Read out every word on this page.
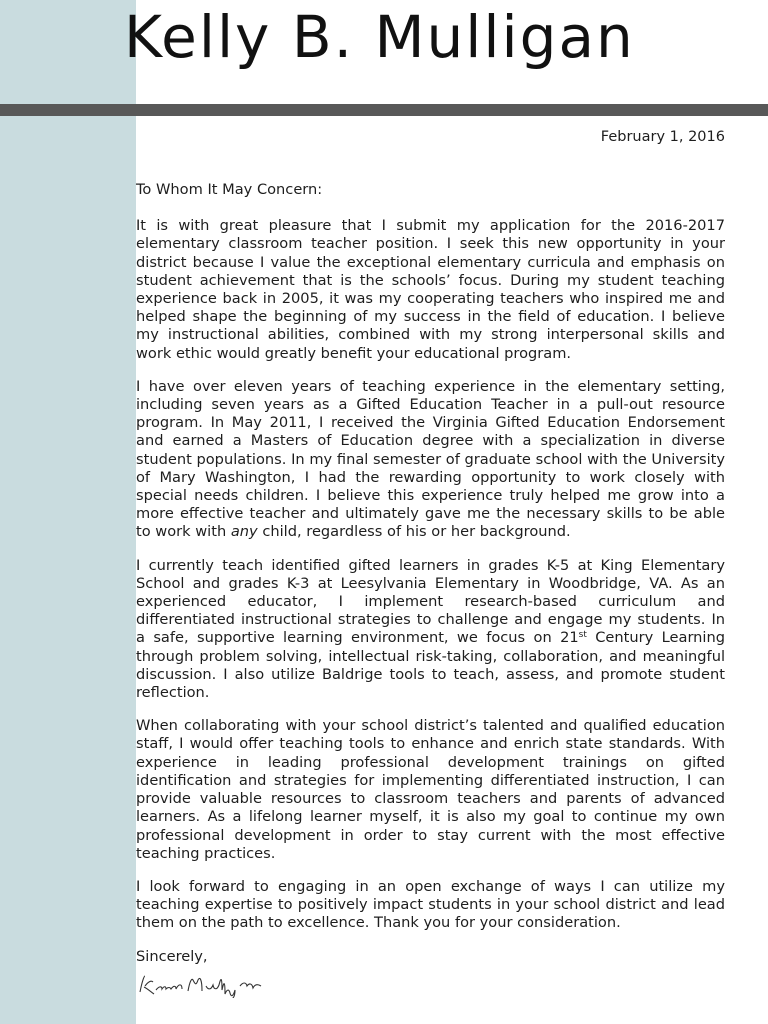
Kelly B. Mulligan
February 1, 2016

To Whom It May Concern:

It is with great pleasure that I submit my application for the 2016-2017 elementary classroom teacher position. I seek this new opportunity in your district because I value the exceptional elementary curricula and emphasis on student achievement that is the schools’ focus. During my student teaching experience back in 2005, it was my cooperating teachers who inspired me and helped shape the beginning of my success in the field of education. I believe my instructional abilities, combined with my strong interpersonal skills and work ethic would greatly benefit your educational program.

I have over eleven years of teaching experience in the elementary setting, including seven years as a Gifted Education Teacher in a pull-out resource program. In May 2011, I received the Virginia Gifted Education Endorsement and earned a Masters of Education degree with a specialization in diverse student populations. In my final semester of graduate school with the University of Mary Washington, I had the rewarding opportunity to work closely with special needs children. I believe this experience truly helped me grow into a more effective teacher and ultimately gave me the necessary skills to be able to work with any child, regardless of his or her background.

I currently teach identified gifted learners in grades K-5 at King Elementary School and grades K-3 at Leesylvania Elementary in Woodbridge, VA. As an experienced educator, I implement research-based curriculum and differentiated instructional strategies to challenge and engage my students. In a safe, supportive learning environment, we focus on 21st Century Learning through problem solving, intellectual risk-taking, collaboration, and meaningful discussion. I also utilize Baldrige tools to teach, assess, and promote student reflection.

When collaborating with your school district’s talented and qualified education staff, I would offer teaching tools to enhance and enrich state standards. With experience in leading professional development trainings on gifted identification and strategies for implementing differentiated instruction, I can provide valuable resources to classroom teachers and parents of advanced learners. As a lifelong learner myself, it is also my goal to continue my own professional development in order to stay current with the most effective teaching practices.

I look forward to engaging in an open exchange of ways I can utilize my teaching expertise to positively impact students in your school district and lead them on the path to excellence. Thank you for your consideration.

Sincerely,
